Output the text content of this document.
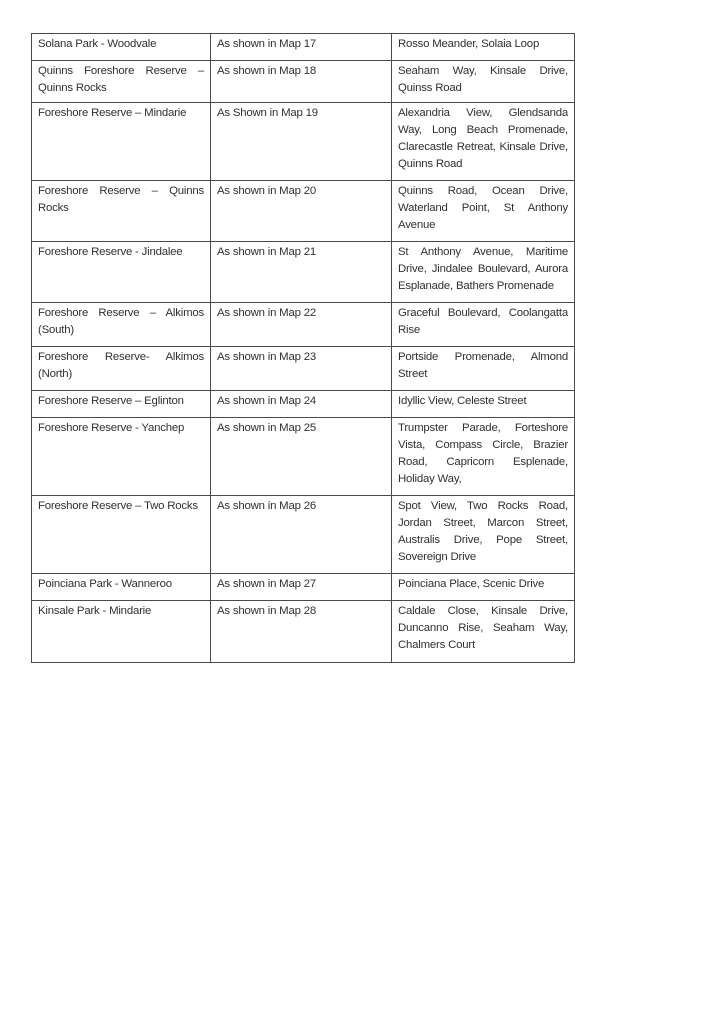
Solana Park - Woodvale	As shown in Map 17	Rosso Meander, Solaia Loop
Quinns Foreshore Reserve – Quinns Rocks	As shown in Map 18	Seaham Way, Kinsale Drive, Quinss Road
Foreshore Reserve – Mindarie	As Shown in Map 19	Alexandria View, Glendsanda Way, Long Beach Promenade, Clarecastle Retreat, Kinsale Drive, Quinns Road
Foreshore Reserve – Quinns Rocks	As shown in Map 20	Quinns Road, Ocean Drive, Waterland Point, St Anthony Avenue
Foreshore Reserve - Jindalee	As shown in Map 21	St Anthony Avenue, Maritime Drive, Jindalee Boulevard, Aurora Esplanade, Bathers Promenade
Foreshore Reserve – Alkimos (South)	As shown in Map 22	Graceful Boulevard, Coolangatta Rise
Foreshore Reserve- Alkimos (North)	As shown in Map 23	Portside Promenade, Almond Street
Foreshore Reserve – Eglinton	As shown in Map 24	Idyllic View, Celeste Street
Foreshore Reserve - Yanchep	As shown in Map 25	Trumpster Parade, Forteshore Vista, Compass Circle, Brazier Road, Capricorn Esplenade, Holiday Way,
Foreshore Reserve – Two Rocks	As shown in Map 26	Spot View, Two Rocks Road, Jordan Street, Marcon Street, Australis Drive, Pope Street, Sovereign Drive
Poinciana Park - Wanneroo	As shown in Map 27	Poinciana Place, Scenic Drive
Kinsale Park - Mindarie	As shown in Map 28	Caldale Close, Kinsale Drive, Duncanno Rise, Seaham Way, Chalmers Court
